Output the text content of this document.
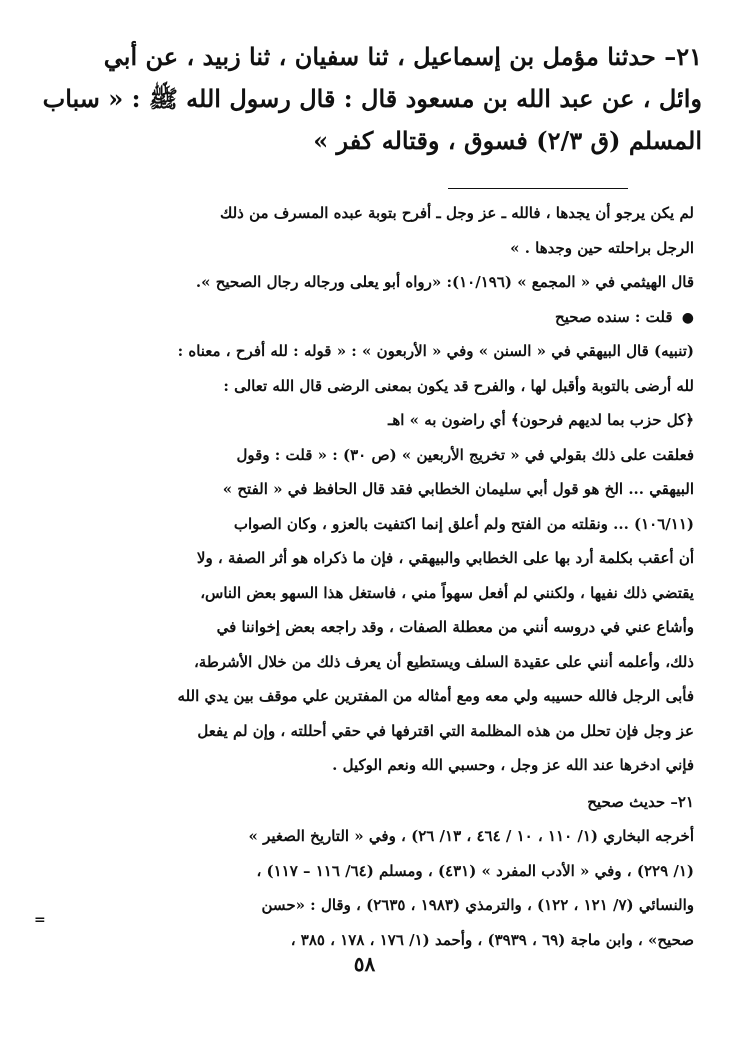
٢١– حدثنا مؤمل بن إسماعيل ، ثنا سفيان ، ثنا زبيد ، عن أبي
وائل ، عن عبد الله بن مسعود قال : قال رسول الله ﷺ : « سباب
المسلم (ق ٢/٣) فسوق ، وقتاله كفر »
لم يكن يرجو أن يجدها ، فالله ـ عز وجل ـ أفرح بتوبة عبده المسرف من ذلك
الرجل براحلته حين وجدها . »
قال الهيثمي في « المجمع » (١٠/١٩٦): «رواه أبو يعلى ورجاله رجال الصحيح ».
● قلت : سنده صحيح
(تنبيه) قال البيهقي في « السنن » وفي « الأربعون » : « قوله : لله أفرح ، معناه :
لله أرضى بالتوبة وأقبل لها ، والفرح قد يكون بمعنى الرضى قال الله تعالى :
﴿كل حزب بما لديهم فرحون﴾ أي راضون به » اهـ
فعلقت على ذلك بقولي في « تخريج الأربعين » (ص ٣٠) : « قلت : وقول
البيهقي ... الخ هو قول أبي سليمان الخطابي فقد قال الحافظ في « الفتح »
(١٠٦/١١) ... ونقلته من الفتح ولم أعلق إنما اكتفيت بالعزو ، وكان الصواب
أن أعقب بكلمة أرد بها على الخطابي والبيهقي ، فإن ما ذكراه هو أثر الصفة ، ولا
يقتضي ذلك نفيها ، ولكنني لم أفعل سهواً مني ، فاستغل هذا السهو بعض الناس،
وأشاع عني في دروسه أنني من معطلة الصفات ، وقد راجعه بعض إخواننا في
ذلك، وأعلمه أنني على عقيدة السلف ويستطيع أن يعرف ذلك من خلال الأشرطة،
فأبى الرجل فالله حسيبه ولي معه ومع أمثاله من المفترين علي موقف بين يدي الله
عز وجل فإن تحلل من هذه المظلمة التي اقترفها في حقي أحللته ، وإن لم يفعل
فإني ادخرها عند الله عز وجل ، وحسبي الله ونعم الوكيل .
٢١– حديث صحيح
أخرجه البخاري (١/ ١١٠ ، ١٠ / ٤٦٤ ، ١٣/ ٢٦) ، وفي « التاريخ الصغير »
(١/ ٢٢٩) ، وفي « الأدب المفرد » (٤٣١) ، ومسلم (٦٤/ ١١٦ – ١١٧) ،
والنسائي (٧/ ١٢١ ، ١٢٢) ، والترمذي (١٩٨٣ ، ٢٦٣٥) ، وقال : «حسن
صحيح» ، وابن ماجة (٦٩ ، ٣٩٣٩) ، وأحمد (١/ ١٧٦ ، ١٧٨ ، ٣٨٥ ،
=
٥٨
